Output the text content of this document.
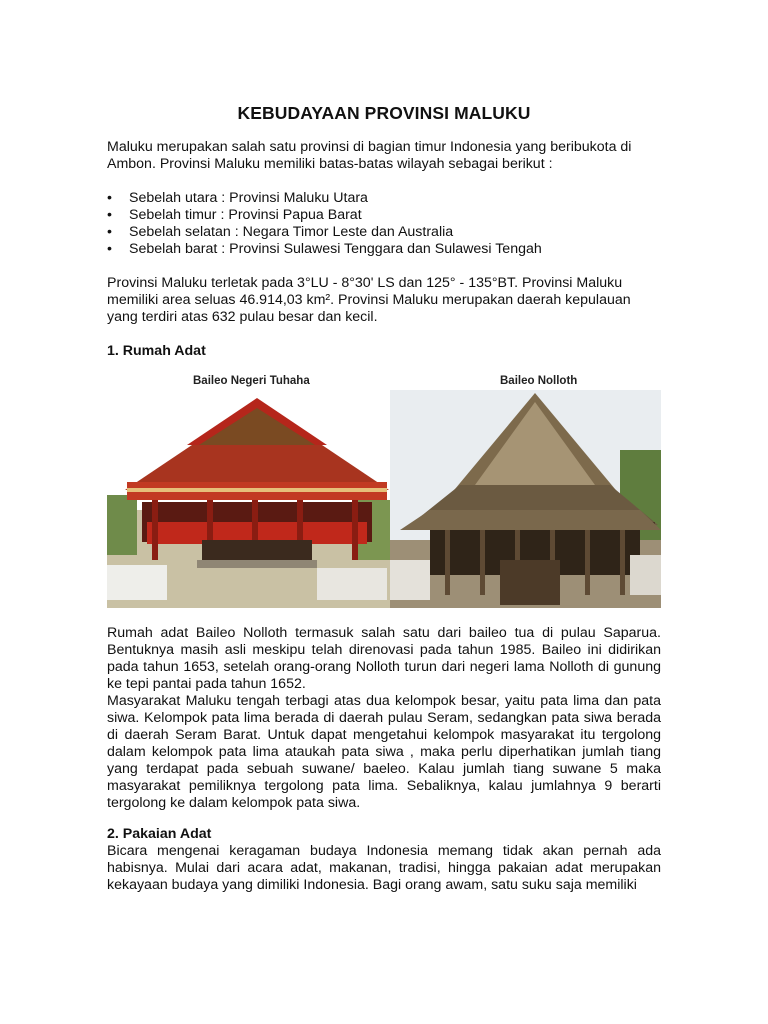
KEBUDAYAAN PROVINSI MALUKU

Maluku merupakan salah satu provinsi di bagian timur Indonesia yang beribukota di Ambon. Provinsi Maluku memiliki batas-batas wilayah sebagai berikut :

• Sebelah utara : Provinsi Maluku Utara
• Sebelah timur : Provinsi Papua Barat
• Sebelah selatan : Negara Timor Leste dan Australia
• Sebelah barat : Provinsi Sulawesi Tenggara dan Sulawesi Tengah

Provinsi Maluku terletak pada 3°LU - 8°30' LS dan 125° - 135°BT. Provinsi Maluku memiliki area seluas 46.914,03 km². Provinsi Maluku merupakan daerah kepulauan yang terdiri atas 632 pulau besar dan kecil.

1. Rumah Adat
Baileo Negeri Tuhaha	Baileo Nolloth

Rumah adat Baileo Nolloth termasuk salah satu dari baileo tua di pulau Saparua. Bentuknya masih asli meskipu telah direnovasi pada tahun 1985. Baileo ini didirikan pada tahun 1653, setelah orang-orang Nolloth turun dari negeri lama Nolloth di gunung ke tepi pantai pada tahun 1652.

Masyarakat Maluku tengah terbagi atas dua kelompok besar, yaitu pata lima dan pata siwa. Kelompok pata lima berada di daerah pulau Seram, sedangkan pata siwa berada di daerah Seram Barat. Untuk dapat mengetahui kelompok masyarakat itu tergolong dalam kelompok pata lima ataukah pata siwa , maka perlu diperhatikan jumlah tiang yang terdapat pada sebuah suwane/ baeleo. Kalau jumlah tiang suwane 5 maka masyarakat pemiliknya tergolong pata lima. Sebaliknya, kalau jumlahnya 9 berarti tergolong ke dalam kelompok pata siwa.

2. Pakaian Adat

Bicara mengenai keragaman budaya Indonesia memang tidak akan pernah ada habisnya. Mulai dari acara adat, makanan, tradisi, hingga pakaian adat merupakan kekayaan budaya yang dimiliki Indonesia. Bagi orang awam, satu suku saja memiliki
